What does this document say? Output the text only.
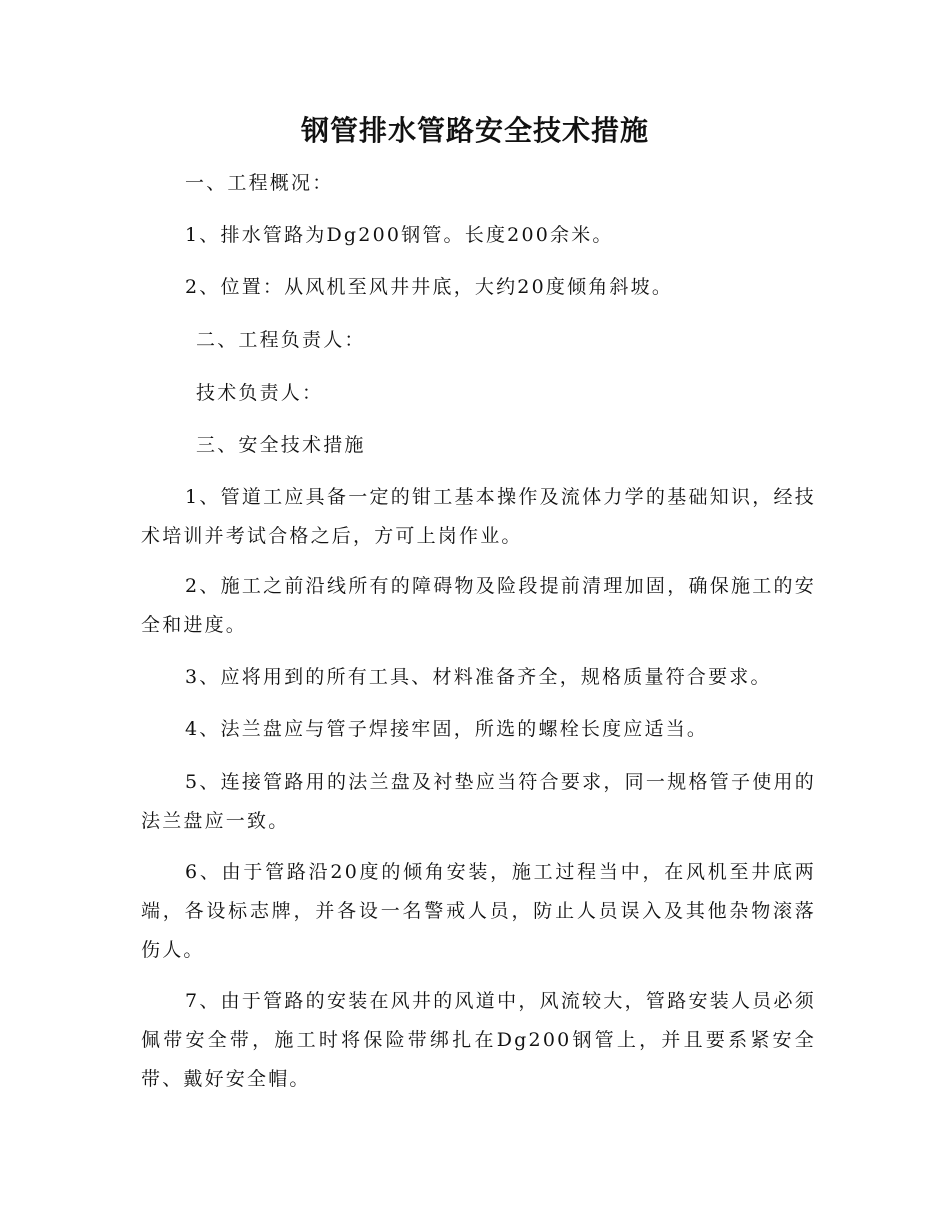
钢管排水管路安全技术措施
一、工程概况：
1、排水管路为Dg200钢管。长度200余米。
2、位置：从风机至风井井底，大约20度倾角斜坡。
二、工程负责人：
技术负责人：
三、安全技术措施
1、管道工应具备一定的钳工基本操作及流体力学的基础知识，经技术培训并考试合格之后，方可上岗作业。
2、施工之前沿线所有的障碍物及险段提前清理加固，确保施工的安全和进度。
3、应将用到的所有工具、材料准备齐全，规格质量符合要求。
4、法兰盘应与管子焊接牢固，所选的螺栓长度应适当。
5、连接管路用的法兰盘及衬垫应当符合要求，同一规格管子使用的法兰盘应一致。
6、由于管路沿20度的倾角安装，施工过程当中，在风机至井底两端，各设标志牌，并各设一名警戒人员，防止人员误入及其他杂物滚落伤人。
7、由于管路的安装在风井的风道中，风流较大，管路安装人员必须佩带安全带，施工时将保险带绑扎在Dg200钢管上，并且要系紧安全带、戴好安全帽。
